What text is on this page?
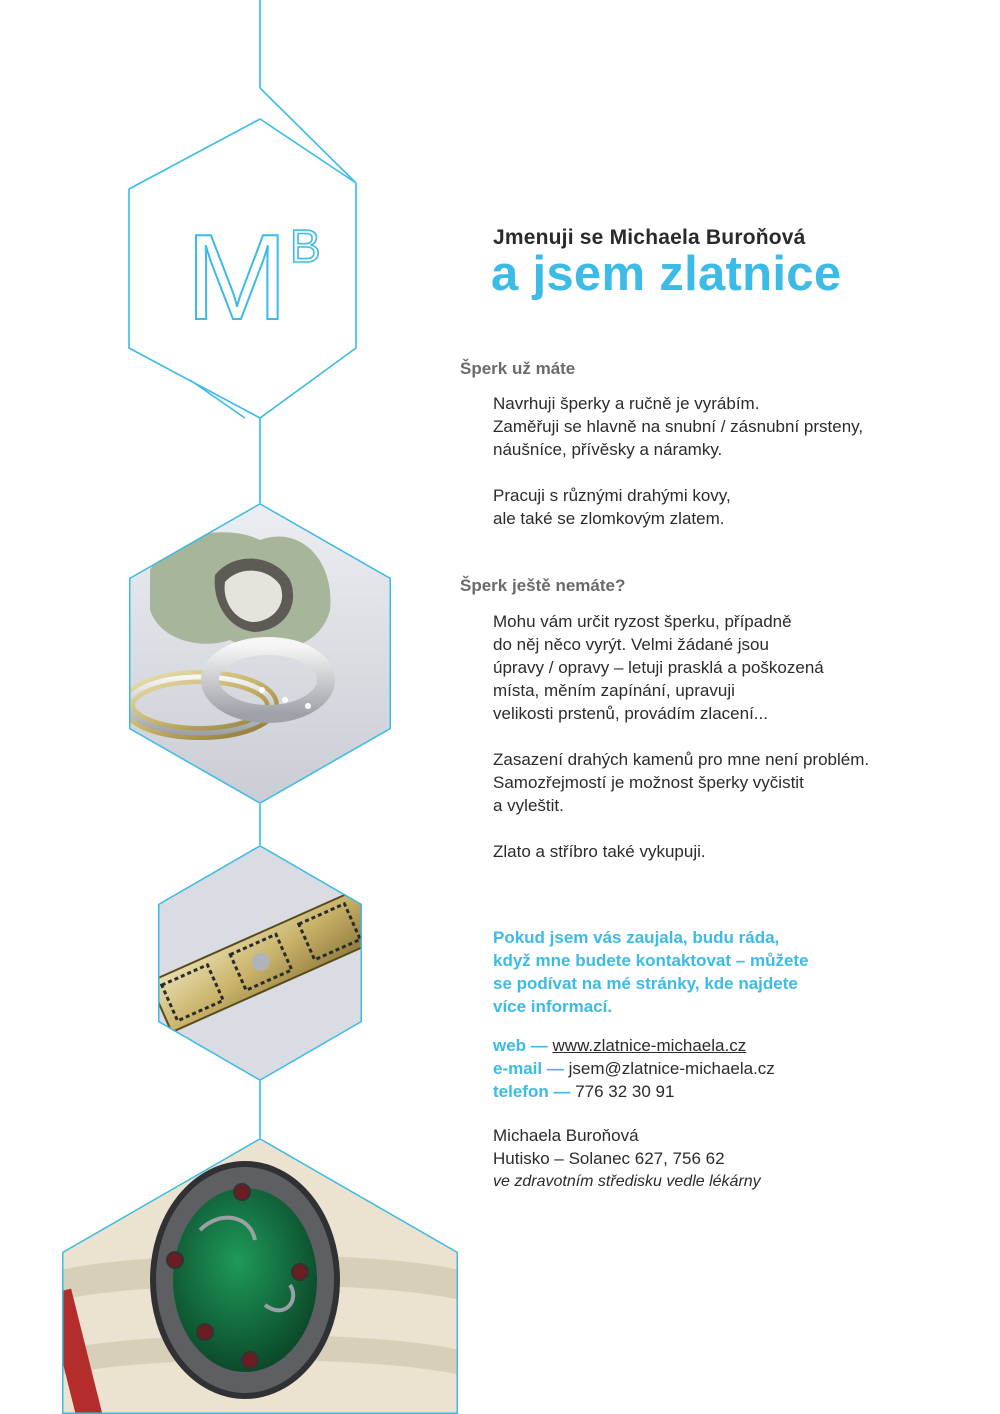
M B	Jmenuji se Michaela Buroňová
a jsem zlatnice
Šperk už máte

Navrhuji šperky a ručně je vyrábím.
Zaměřuji se hlavně na snubní / zásnubní prsteny,
náušníce, přívěsky a náramky.

Pracuji s různými drahými kovy,
ale také se zlomkovým zlatem.

Šperk ještě nemáte?

Mohu vám určit ryzost šperku, případně
do něj něco vyrýt. Velmi žádané jsou
úpravy / opravy – letuji prasklá a poškozená
místa, měním zapínání, upravuji
velikosti prstenů, provádím zlacení...

Zasazení drahých kamenů pro mne není problém.
Samozřejmostí je možnost šperky vyčistit
a vyleštit.

Zlato a stříbro také vykupuji.

Pokud jsem vás zaujala, budu ráda,
když mne budete kontaktovat – můžete
se podívat na mé stránky, kde najdete
více informací.
web — www.zlatnice-michaela.cz
e-mail — jsem@zlatnice-michaela.cz
telefon — 776 32 30 91
Michaela Buroňová
Hutisko – Solanec 627, 756 62
ve zdravotním středisku vedle lékárny
